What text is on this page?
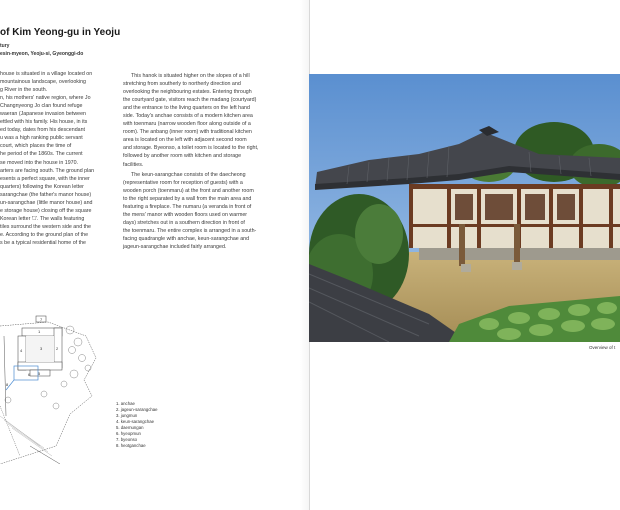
of Kim Yeong-gu in Yeoju
tury
esin-myeon, Yeoju-si, Gyeonggi-do

house is situated in a village located on

mountainous landscape, overlooking

g River in the south.

n, his mothers' native region, where Jo

Changnyeong Jo clan found refuge

waeran (Japanese invasion between

ettled with his family. His house, in its

ed today, dates from his descendant

u was a high ranking public servant

court, which places the time of

he period of the 1860s. The current

se moved into the house in 1970.

arters are facing south. The ground plan

esents a perfect square, with the inner

quarters) following the Korean letter

sarangchae (the father's manor house)

un-sarangchae (little manor house) and

e storage house) closing off the square

Korean letter '□'. The walls featuring

tiles surround the western side and the

e. According to the ground plan of the

s be a typical residential home of the

This hanok is situated higher on the slopes of a hill

stretching from southerly to northerly direction and

overlooking the neighbouring estates. Entering through

the courtyard gate, visitors reach the madang (courtyard)

and the entrance to the living quarters on the left hand

side. Today's anchae consists of a modern kitchen area

with toenmaru (narrow wooden floor along outside of a

room). The anbang (inner room) with traditional kitchen

area is located on the left with adjacent second room

and storage. Byeonso, a toilet room is located to the right,

followed by another room with kitchen and storage

facilities.

The keun-sarangchae consists of the daecheong

(representative room for reception of guests) with a

wooden porch (toenmaru) at the front and another room

to the right separated by a wall from the main area and

featuring a fireplace. The numaru (a veranda in front of

the mens' manor with wooden floors used on warmer

days) stretches out in a southern direction in front of

the toenmaru. The entire complex is arranged in a south-

facing quadrangle with anchae, keun-sarangchae and

jageun-sarangchae included fairly arranged.

1
2
3
4
5
6
7
8
1. anchae
2. jageun-sarangchae
3. jungmun
4. keun-sarangchae
5. daemungan
6. hyeopmun
7. byeonso
8. heotganchae
Overview of t
